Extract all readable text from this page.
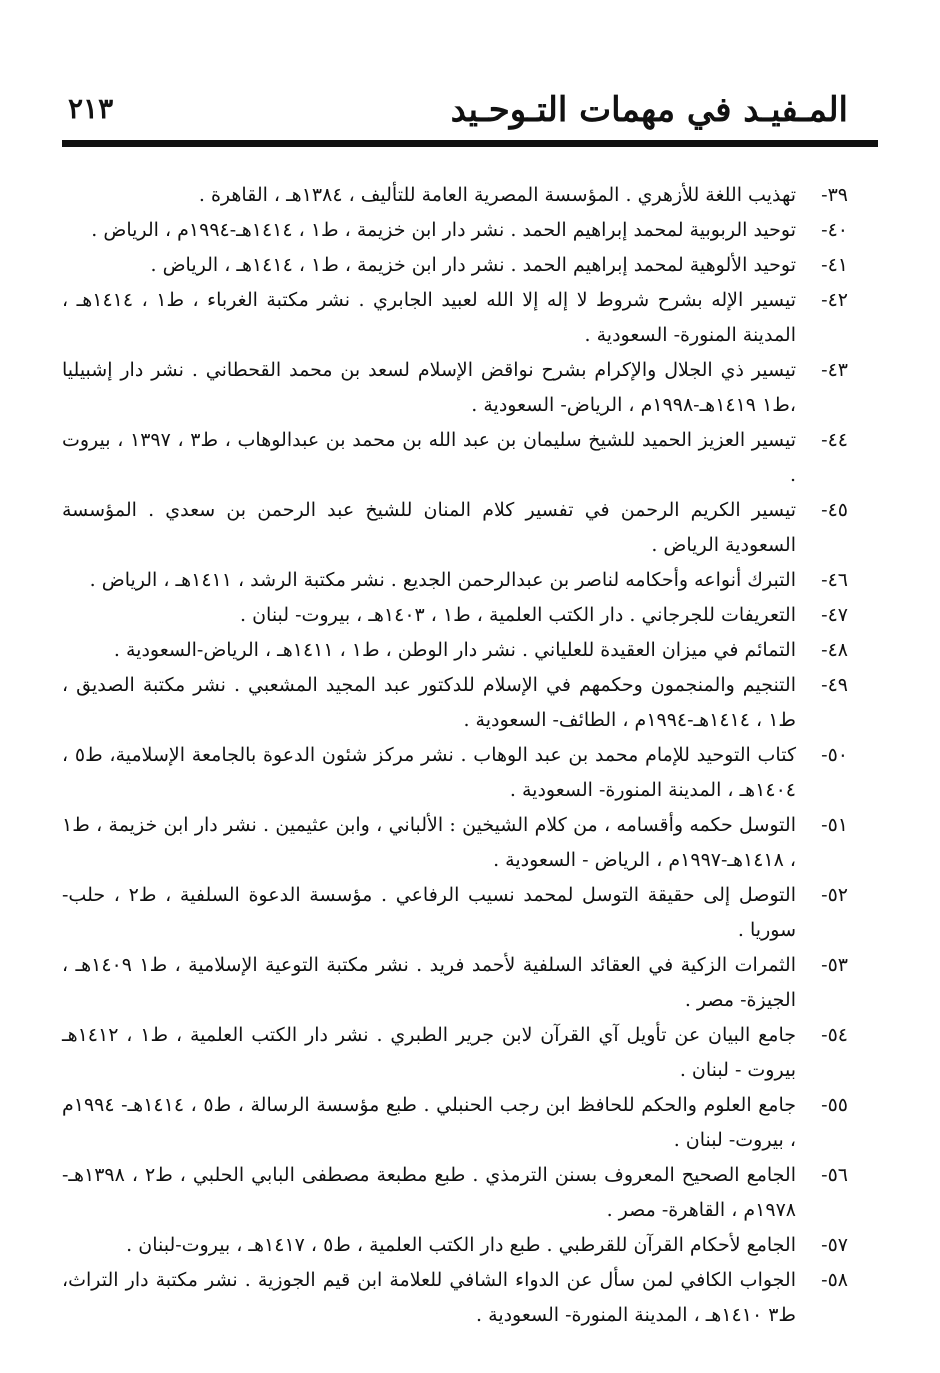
المـفيـد في مهمات التـوحـيد
٢١٣
٣٩-
تهذيب اللغة للأزهري . المؤسسة المصرية العامة للتأليف ، ١٣٨٤هـ ، القاهرة .
٤٠-
توحيد الربوبية لمحمد إبراهيم الحمد . نشر دار ابن خزيمة ، ط١ ، ١٤١٤هـ-١٩٩٤م ، الرياض .
٤١-
توحيد الألوهية لمحمد إبراهيم الحمد . نشر دار ابن خزيمة ، ط١ ، ١٤١٤هـ ، الرياض .
٤٢-
تيسير الإله بشرح شروط لا إله إلا الله لعبيد الجابري . نشر مكتبة الغرباء ، ط١ ، ١٤١٤هـ ، المدينة المنورة- السعودية .
٤٣-
تيسير ذي الجلال والإكرام بشرح نواقض الإسلام لسعد بن محمد القحطاني . نشر دار إشبيليا ،ط١ ١٤١٩هـ-١٩٩٨م ، الرياض- السعودية .
٤٤-
تيسير العزيز الحميد للشيخ سليمان بن عبد الله بن محمد بن عبدالوهاب ، ط٣ ، ١٣٩٧ ، بيروت .
٤٥-
تيسير الكريم الرحمن في تفسير كلام المنان للشيخ عبد الرحمن بن سعدي . المؤسسة السعودية الرياض .
٤٦-
التبرك أنواعه وأحكامه لناصر بن عبدالرحمن الجديع . نشر مكتبة الرشد ، ١٤١١هـ ، الرياض .
٤٧-
التعريفات للجرجاني . دار الكتب العلمية ، ط١ ، ١٤٠٣هـ ، بيروت- لبنان .
٤٨-
التمائم في ميزان العقيدة للعلياني . نشر دار الوطن ، ط١ ، ١٤١١هـ ، الرياض-السعودية .
٤٩-
التنجيم والمنجمون وحكمهم في الإسلام للدكتور عبد المجيد المشعبي . نشر مكتبة الصديق ، ط١ ، ١٤١٤هـ-١٩٩٤م ، الطائف- السعودية .
٥٠-
كتاب التوحيد للإمام محمد بن عبد الوهاب . نشر مركز شئون الدعوة بالجامعة الإسلامية، ط٥ ، ١٤٠٤هـ ، المدينة المنورة- السعودية .
٥١-
التوسل حكمه وأقسامه ، من كلام الشيخين : الألباني ، وابن عثيمين . نشر دار ابن خزيمة ، ط١ ، ١٤١٨هـ-١٩٩٧م ، الرياض - السعودية .
٥٢-
التوصل إلى حقيقة التوسل لمحمد نسيب الرفاعي . مؤسسة الدعوة السلفية ، ط٢ ، حلب- سوريا .
٥٣-
الثمرات الزكية في العقائد السلفية لأحمد فريد . نشر مكتبة التوعية الإسلامية ، ط١ ١٤٠٩هـ ، الجيزة- مصر .
٥٤-
جامع البيان عن تأويل آي القرآن لابن جرير الطبري . نشر دار الكتب العلمية ، ط١ ، ١٤١٢هـ بيروت - لبنان .
٥٥-
جامع العلوم والحكم للحافظ ابن رجب الحنبلي . طبع مؤسسة الرسالة ، ط٥ ، ١٤١٤هـ- ١٩٩٤م ، بيروت- لبنان .
٥٦-
الجامع الصحيح المعروف بسنن الترمذي . طبع مطبعة مصطفى البابي الحلبي ، ط٢ ، ١٣٩٨هـ- ١٩٧٨م ، القاهرة- مصر .
٥٧-
الجامع لأحكام القرآن للقرطبي . طبع دار الكتب العلمية ، ط٥ ، ١٤١٧هـ ، بيروت-لبنان .
٥٨-
الجواب الكافي لمن سأل عن الدواء الشافي للعلامة ابن قيم الجوزية . نشر مكتبة دار التراث، ط٣ ١٤١٠هـ ، المدينة المنورة- السعودية .
